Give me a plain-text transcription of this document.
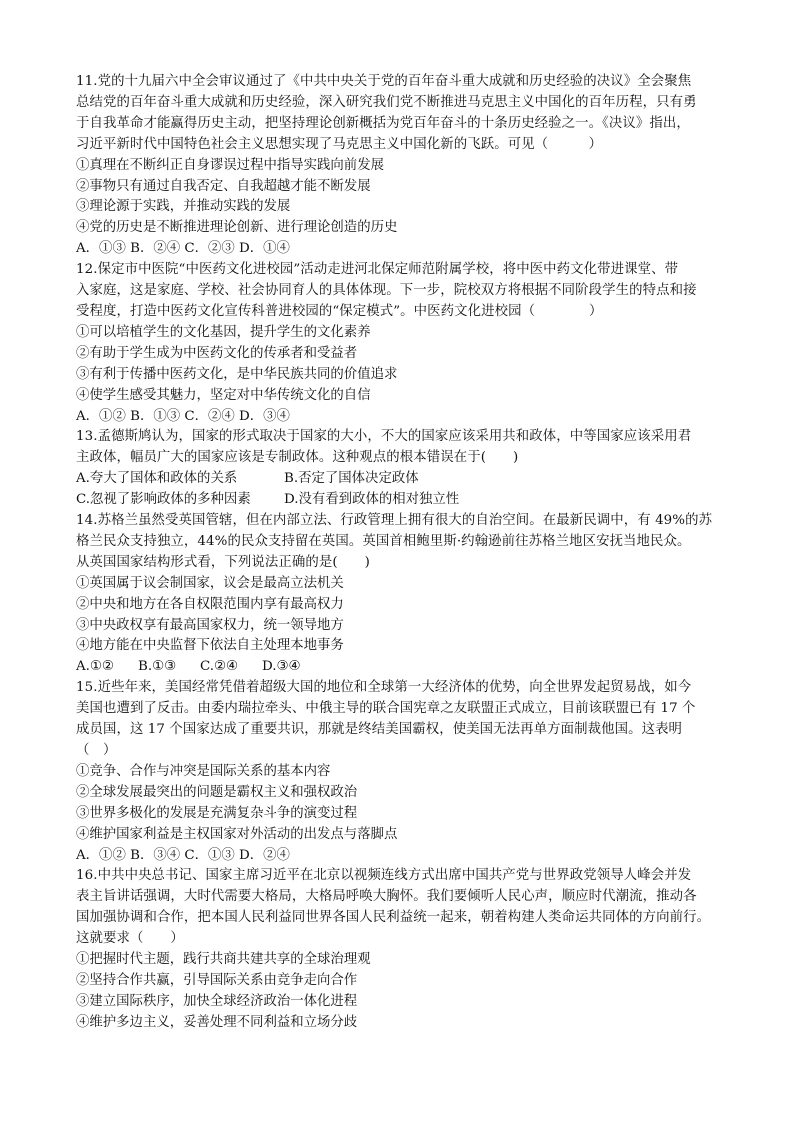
11.党的十九届六中全会审议通过了《中共中央关于党的百年奋斗重大成就和历史经验的决议》全会聚焦
总结党的百年奋斗重大成就和历史经验，深入研究我们党不断推进马克思主义中国化的百年历程，只有勇
于自我革命才能赢得历史主动，把坚持理论创新概括为党百年奋斗的十条历史经验之一。《决议》指出，
习近平新时代中国特色社会主义思想实现了马克思主义中国化新的飞跃。可见（　　　）
①真理在不断纠正自身谬误过程中指导实践向前发展
②事物只有通过自我否定、自我超越才能不断发展
③理论源于实践，并推动实践的发展
④党的历史是不断推进理论创新、进行理论创造的历史
A．①③ B．②④ C．②③ D．①④
12.保定市中医院“中医药文化进校园”活动走进河北保定师范附属学校，将中医中药文化带进课堂、带
入家庭，这是家庭、学校、社会协同育人的具体体现。下一步，院校双方将根据不同阶段学生的特点和接
受程度，打造中医药文化宣传科普进校园的“保定模式”。中医药文化进校园（　　　　）
①可以培植学生的文化基因，提升学生的文化素养
②有助于学生成为中医药文化的传承者和受益者
③有利于传播中医药文化，是中华民族共同的价值追求
④使学生感受其魅力，坚定对中华传统文化的自信
A．①② B．①③ C．②④ D．③④
13.孟德斯鸠认为，国家的形式取决于国家的大小，不大的国家应该采用共和政体，中等国家应该采用君
主政体，幅员广大的国家应该是专制政体。这种观点的根本错误在于(　　)
A.夸大了国体和政体的关系	B.否定了国体决定政体
C.忽视了影响政体的多种因素	D.没有看到政体的相对独立性
14.苏格兰虽然受英国管辖，但在内部立法、行政管理上拥有很大的自治空间。在最新民调中，有 49%的苏
格兰民众支持独立，44%的民众支持留在英国。英国首相鲍里斯·约翰逊前往苏格兰地区安抚当地民众。
从英国国家结构形式看，下列说法正确的是(　　)
①英国属于议会制国家，议会是最高立法机关
②中央和地方在各自权限范围内享有最高权力
③中央政权享有最高国家权力，统一领导地方
④地方能在中央监督下依法自主处理本地事务
A.①②	B.①③	C.②④	D.③④
15.近些年来，美国经常凭借着超级大国的地位和全球第一大经济体的优势，向全世界发起贸易战，如今
美国也遭到了反击。由委内瑞拉牵头、中俄主导的联合国宪章之友联盟正式成立，目前该联盟已有 17 个
成员国，这 17 个国家达成了重要共识，那就是终结美国霸权，使美国无法再单方面制裁他国。这表明
（　）
①竞争、合作与冲突是国际关系的基本内容
②全球发展最突出的问题是霸权主义和强权政治
③世界多极化的发展是充满复杂斗争的演变过程
④维护国家利益是主权国家对外活动的出发点与落脚点
A．①② B．③④ C．①③ D．②④
16.中共中央总书记、国家主席习近平在北京以视频连线方式出席中国共产党与世界政党领导人峰会并发
表主旨讲话强调，大时代需要大格局，大格局呼唤大胸怀。我们要倾听人民心声，顺应时代潮流，推动各
国加强协调和合作，把本国人民利益同世界各国人民利益统一起来，朝着构建人类命运共同体的方向前行。
这就要求（　　）
①把握时代主题，践行共商共建共享的全球治理观
②坚持合作共赢，引导国际关系由竞争走向合作
③建立国际秩序，加快全球经济政治一体化进程
④维护多边主义，妥善处理不同利益和立场分歧
